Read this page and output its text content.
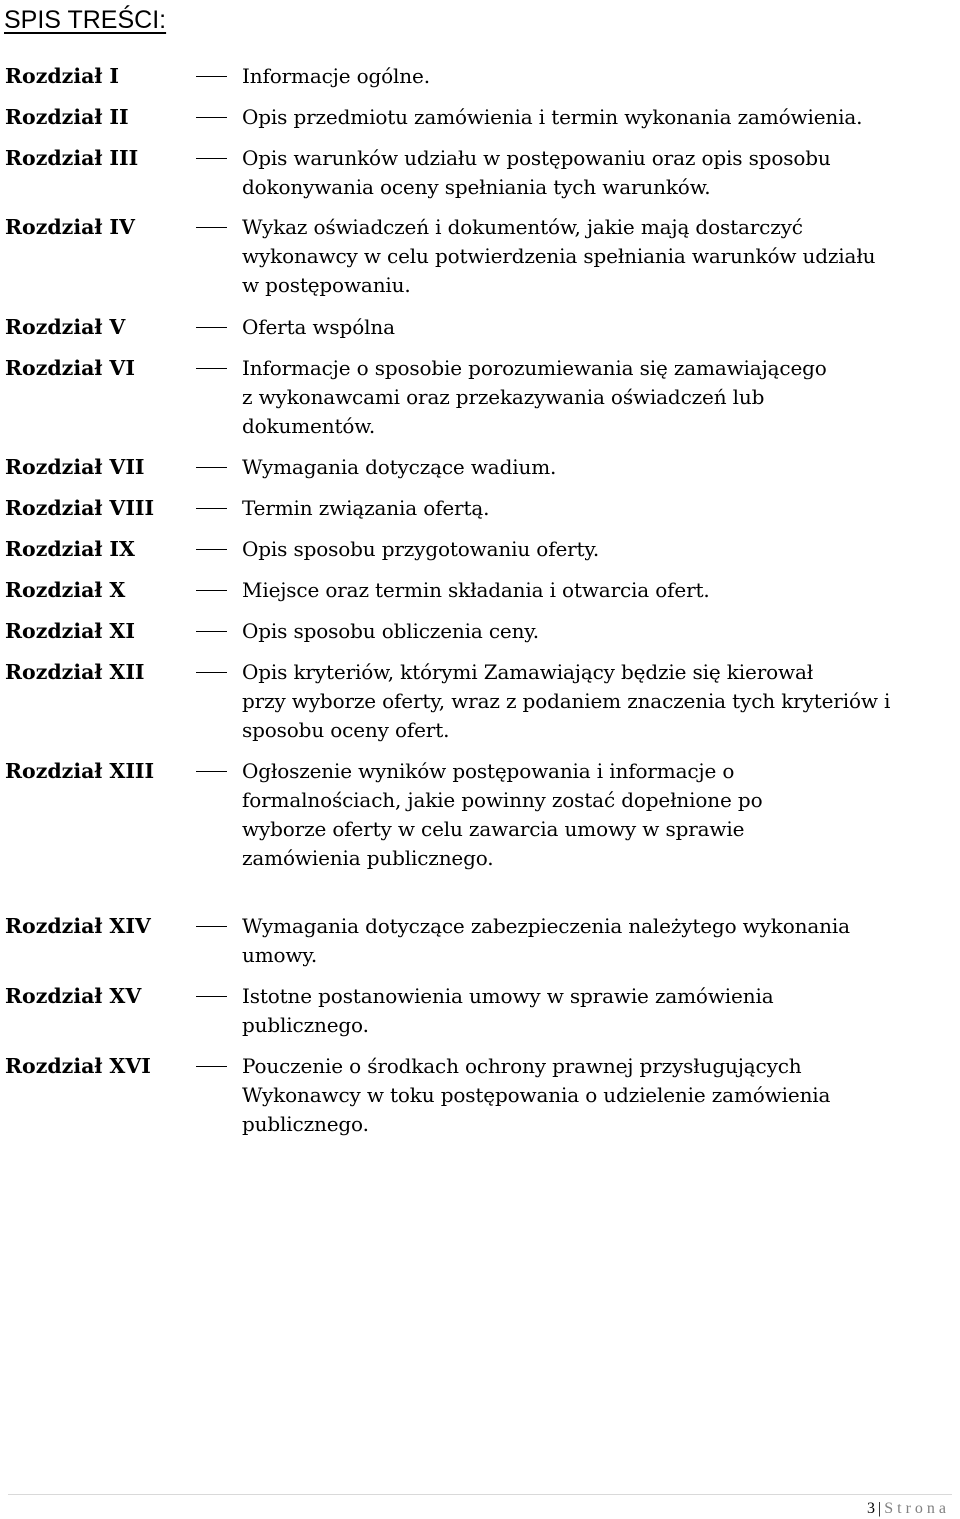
SPIS TREŚCI:
Rozdział I	Informacje ogólne.
Rozdział II	Opis przedmiotu zamówienia i termin wykonania zamówienia.
Rozdział III	Opis warunków udziału w postępowaniu oraz opis sposobu
dokonywania oceny spełniania tych warunków.
Rozdział IV	Wykaz oświadczeń i dokumentów, jakie mają dostarczyć
wykonawcy w celu potwierdzenia spełniania warunków udziału
w postępowaniu.
Rozdział V	Oferta wspólna
Rozdział VI	Informacje o sposobie porozumiewania się zamawiającego
z wykonawcami oraz przekazywania oświadczeń lub
dokumentów.
Rozdział VII	Wymagania dotyczące wadium.
Rozdział VIII	Termin związania ofertą.
Rozdział IX	Opis sposobu przygotowaniu oferty.
Rozdział X	Miejsce oraz termin składania i otwarcia ofert.
Rozdział XI	Opis sposobu obliczenia ceny.
Rozdział XII	Opis kryteriów, którymi Zamawiający będzie się kierował
przy wyborze oferty, wraz z podaniem znaczenia tych kryteriów i
sposobu oceny ofert.
Rozdział XIII	Ogłoszenie wyników postępowania i informacje o
formalnościach, jakie powinny zostać dopełnione po
wyborze oferty w celu zawarcia umowy w sprawie
zamówienia publicznego.
Rozdział XIV	Wymagania dotyczące zabezpieczenia należytego wykonania
umowy.
Rozdział XV	Istotne postanowienia umowy w sprawie zamówienia
publicznego.
Rozdział XVI	Pouczenie o środkach ochrony prawnej przysługujących
Wykonawcy w toku postępowania o udzielenie zamówienia
publicznego.
3 | Strona
